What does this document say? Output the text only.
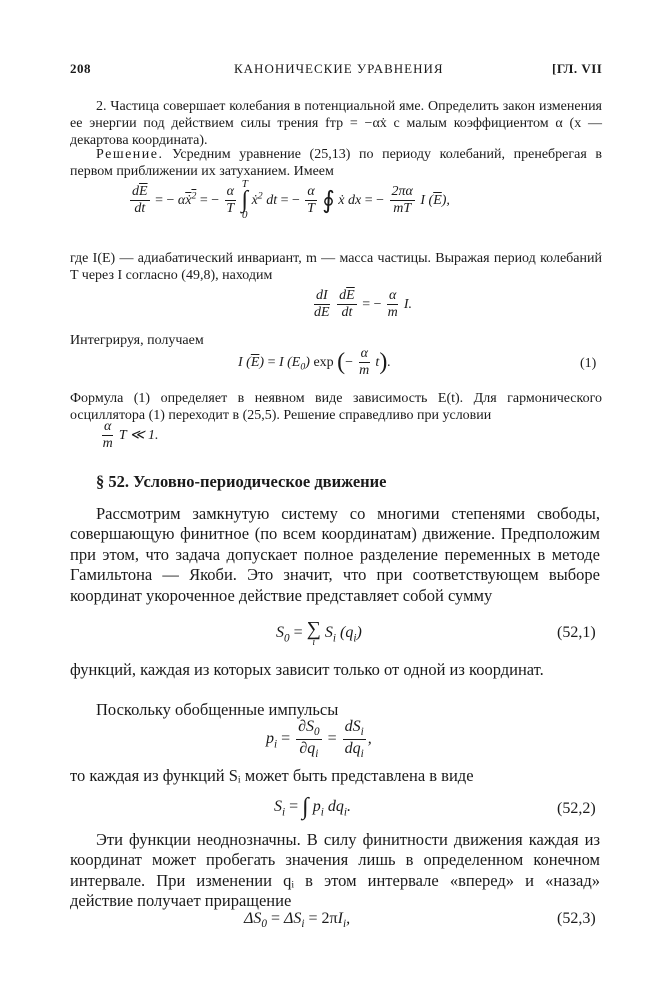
208	КАНОНИЧЕСКИЕ УРАВНЕНИЯ	[ГЛ. VII
2. Частица совершает колебания в потенциальной яме. Определить закон изменения ее энергии под действием силы трения fтр = −αẋ с малым коэффициентом α (x — декартова координата).
Решение. Усредним уравнение (25,13) по периоду колебаний, пренебрегая в первом приближении их затуханием. Имеем
$\frac{d\overline{E}}{dt}$ = − αẋ$^2$ = − $\frac{\alpha}{T}$

T
∫
0
ẋ$^2$ dt = − $\frac{\alpha}{T}$ ∮ ẋ dx = − $\frac{2\pi\alpha}{mT}$ I $(\overline{E})$,
где I(E) — адиабатический инвариант, m — масса частицы. Выражая период колебаний T через I согласно (49,8), находим
$\frac{dI}{d\overline{E}}$
$\frac{d\overline{E}}{dt}$ = − $\frac{\alpha}{m} I$.
Интегрируя, получаем
I $(\overline{E}) = I$ $(E_0)$ exp (− $\frac{\alpha}{m} t$).	(1)
Формула (1) определяет в неявном виде зависимость E(t). Для гармонического осциллятора (1) переходит в (25,5). Решение справедливо при условии
$\frac{\alpha}{m}$ T ≪ 1.
§ 52. Условно-периодическое движение
Рассмотрим замкнутую систему со многими степенями свободы, совершающую финитное (по всем координатам) движение. Предположим при этом, что задача допускает полное разделение переменных в методе Гамильтона — Якоби. Это значит, что при соответствующем выборе координат укороченное действие представляет собой сумму
$S_0$ = ∑
i
$S_i$ $(q_i)$	(52,1)
функций, каждая из которых зависит только от одной из координат.
Поскольку обобщенные импульсы
$p_i = \frac{\partial S_0}{\partial q_i} = \frac{dS_i}{dq_i}$ ,
то каждая из функций Sᵢ может быть представлена в виде
$S_i$ = ∫ $p_i$ $dq_i$.	(52,2)
Эти функции неоднозначны. В силу финитности движения каждая из координат может пробегать значения лишь в определенном конечном интервале. При изменении qᵢ в этом интервале «вперед» и «назад» действие получает приращение
$\Delta S_0 = \Delta S_i = 2\pi I_i$,	(52,3)
